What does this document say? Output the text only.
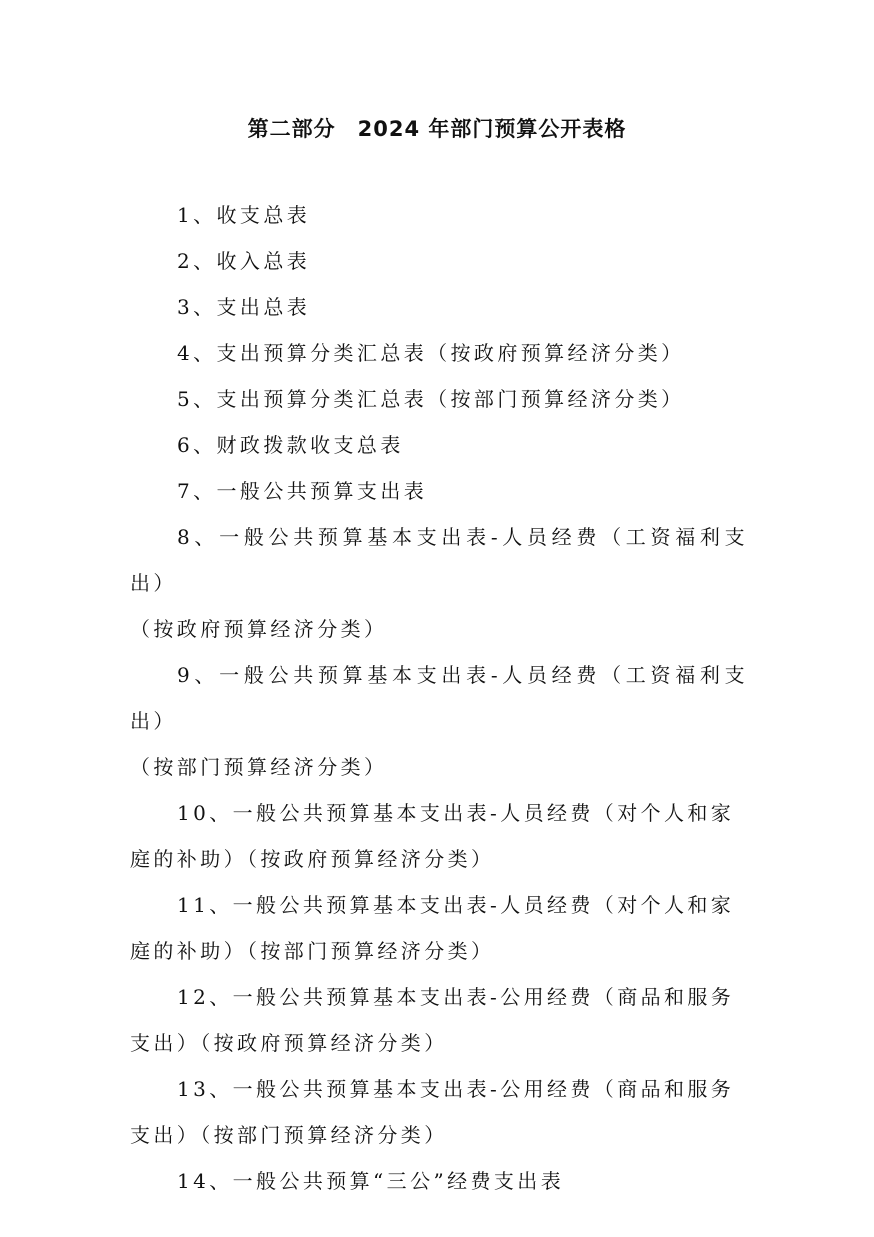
第二部分　2024 年部门预算公开表格
1、收支总表
2、收入总表
3、支出总表
4、支出预算分类汇总表（按政府预算经济分类）
5、支出预算分类汇总表（按部门预算经济分类）
6、财政拨款收支总表
7、一般公共预算支出表
8、一般公共预算基本支出表-人员经费（工资福利支出）
（按政府预算经济分类）
9、一般公共预算基本支出表-人员经费（工资福利支出）
（按部门预算经济分类）
10、一般公共预算基本支出表-人员经费（对个人和家
庭的补助）（按政府预算经济分类）
11、一般公共预算基本支出表-人员经费（对个人和家
庭的补助）（按部门预算经济分类）
12、一般公共预算基本支出表-公用经费（商品和服务
支出）（按政府预算经济分类）
13、一般公共预算基本支出表-公用经费（商品和服务
支出）（按部门预算经济分类）
14、一般公共预算“三公”经费支出表
